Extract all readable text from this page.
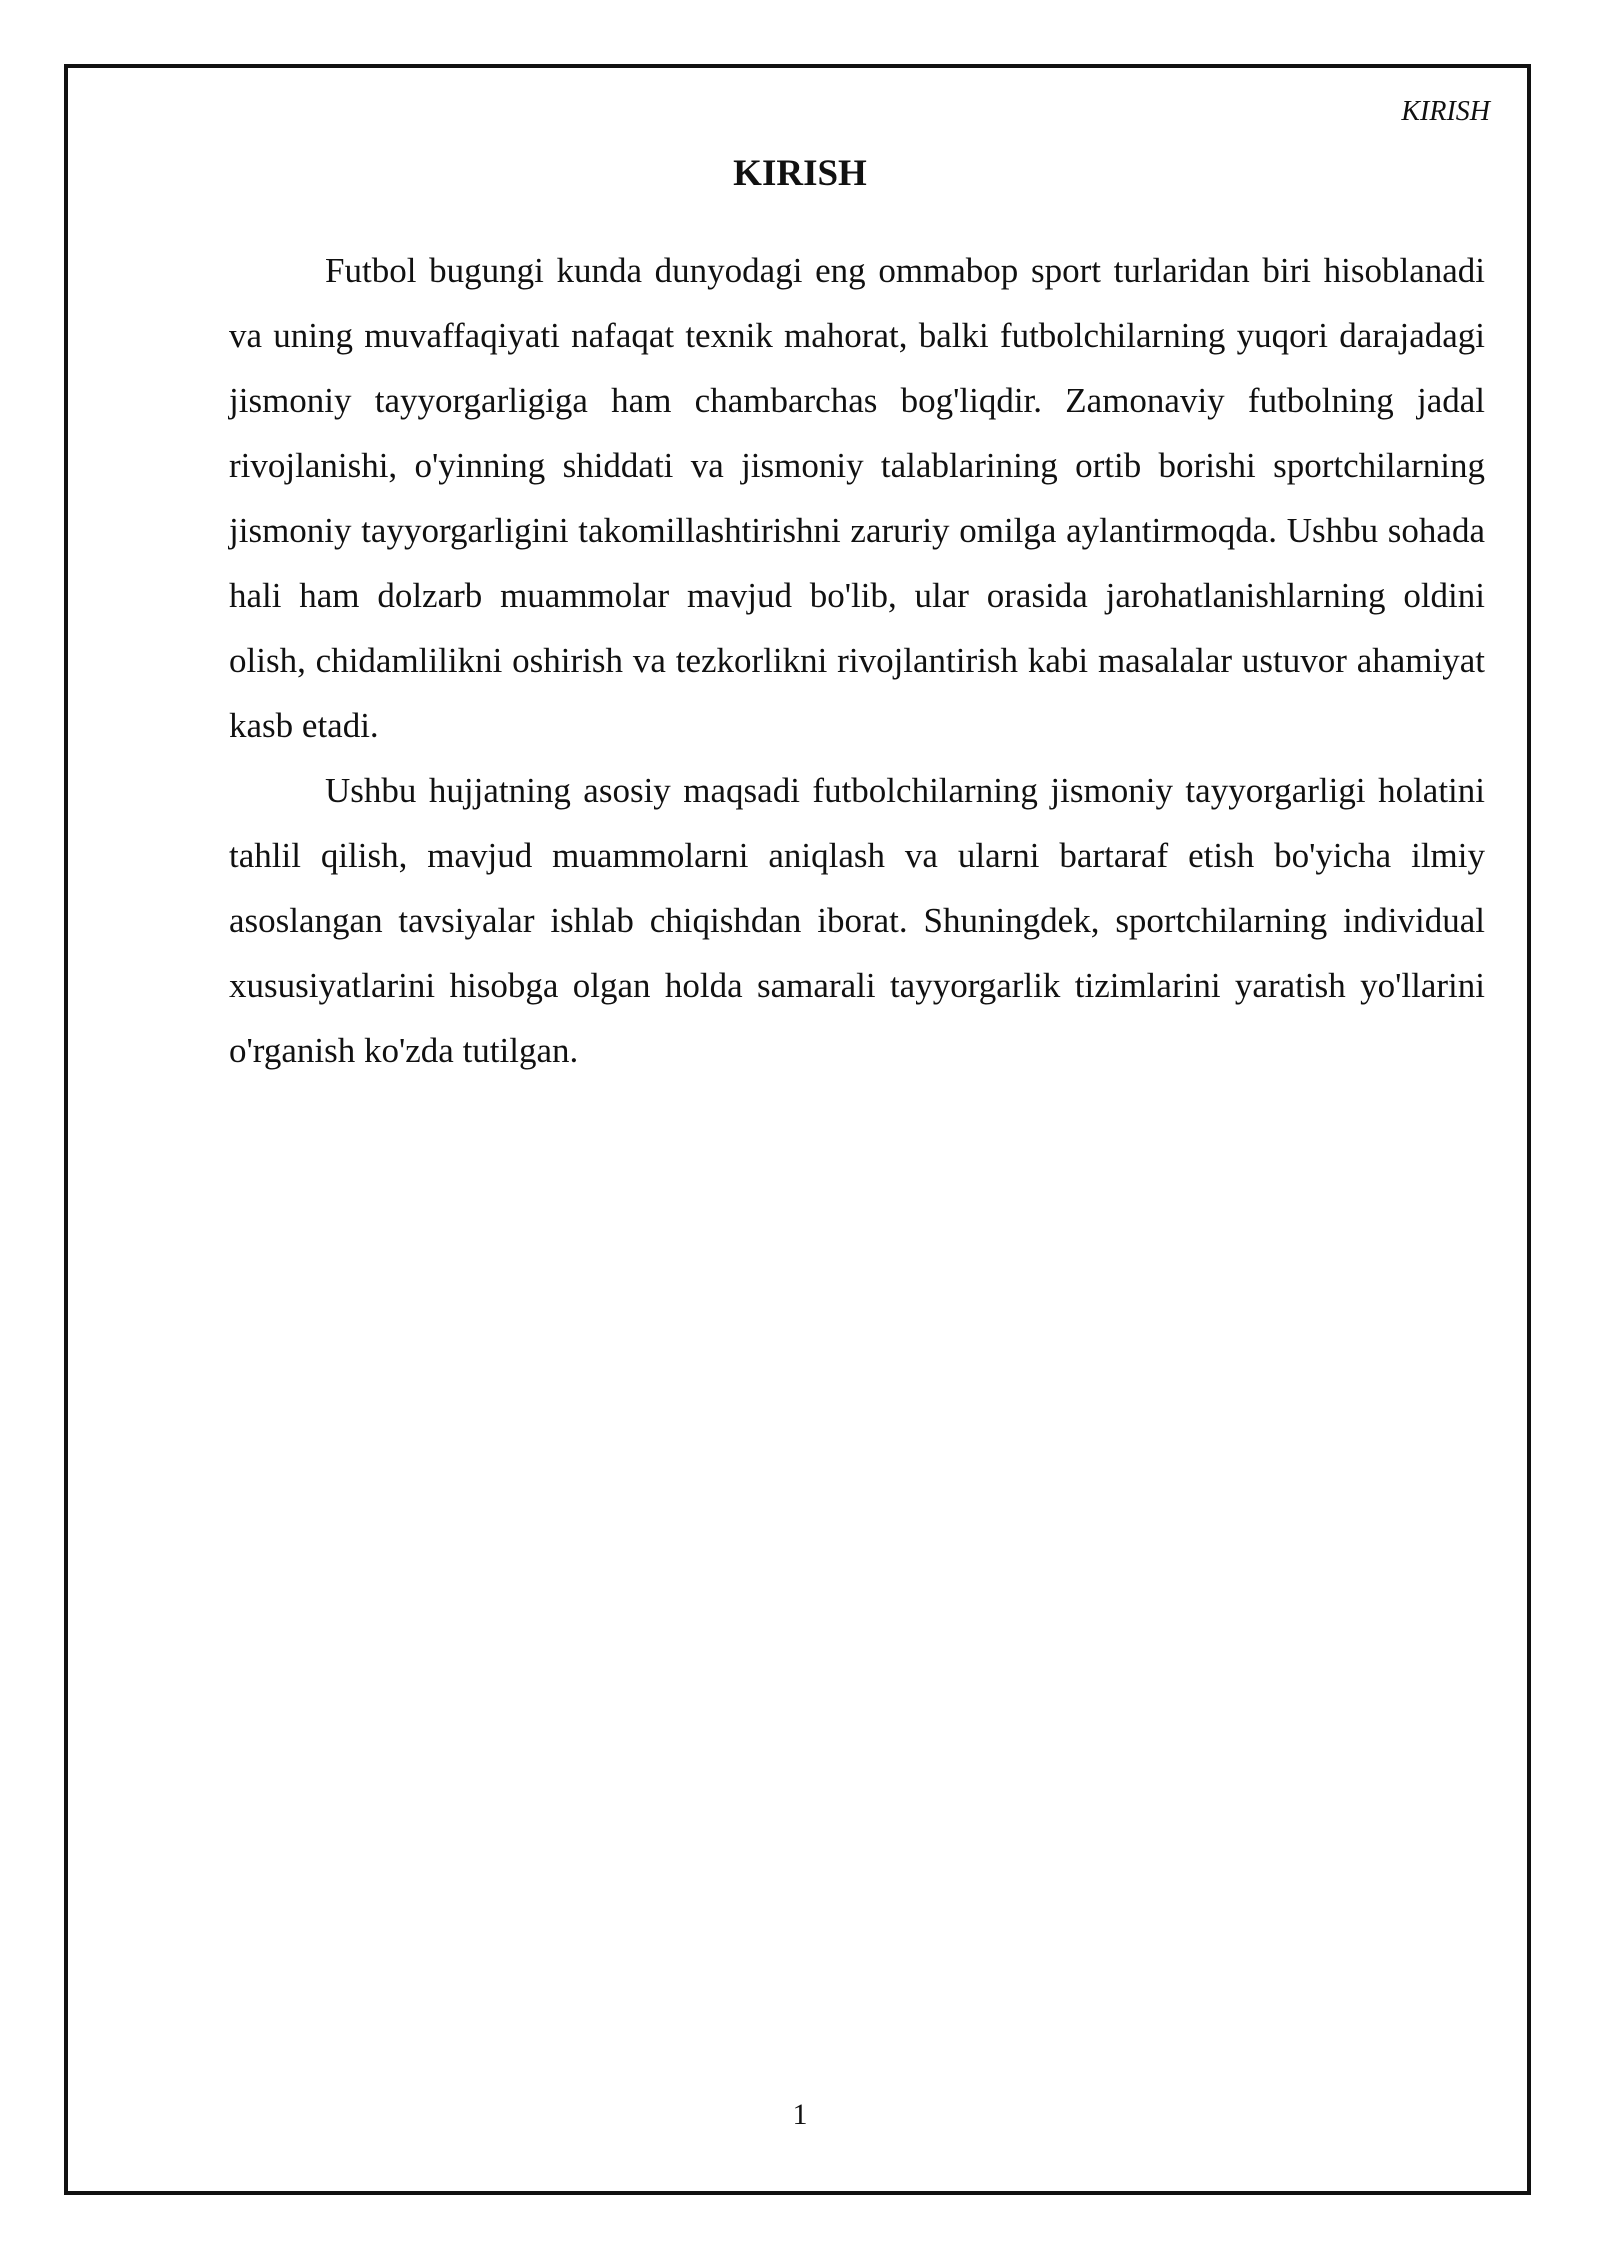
KIRISH
KIRISH

Futbol bugungi kunda dunyodagi eng ommabop sport turlaridan biri hisoblanadi va uning muvaffaqiyati nafaqat texnik mahorat, balki futbolchilarning yuqori darajadagi jismoniy tayyorgarligiga ham chambarchas bog'liqdir. Zamonaviy futbolning jadal rivojlanishi, o'yinning shiddati va jismoniy talablarining ortib borishi sportchilarning jismoniy tayyorgarligini takomillashtirishni zaruriy omilga aylantirmoqda. Ushbu sohada hali ham dolzarb muammolar mavjud bo'lib, ular orasida jarohatlanishlarning oldini olish, chidamlilikni oshirish va tezkorlikni rivojlantirish kabi masalalar ustuvor ahamiyat kasb etadi.

Ushbu hujjatning asosiy maqsadi futbolchilarning jismoniy tayyorgarligi holatini tahlil qilish, mavjud muammolarni aniqlash va ularni bartaraf etish bo'yicha ilmiy asoslangan tavsiyalar ishlab chiqishdan iborat. Shuningdek, sportchilarning individual xususiyatlarini hisobga olgan holda samarali tayyorgarlik tizimlarini yaratish yo'llarini o'rganish ko'zda tutilgan.

1
